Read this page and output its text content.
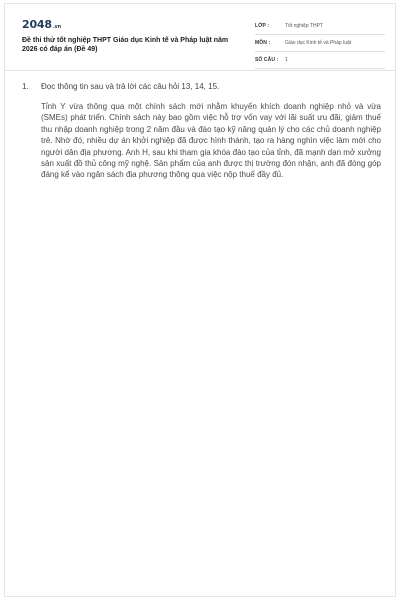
2048.vn
Đề thi thử tốt nghiệp THPT Giáo dục Kinh tế và Pháp luật năm 2026 có đáp án (Đề 49)
LỚP :	Tốt nghiệp THPT
MÔN :	Giáo dục Kinh tế và Pháp luật
SỐ CÂU :	1
1. Đọc thông tin sau và trả lời các câu hỏi 13, 14, 15.
Tỉnh Y vừa thông qua một chính sách mới nhằm khuyến khích doanh nghiệp nhỏ và vừa (SMEs) phát triển. Chính sách này bao gồm việc hỗ trợ vốn vay với lãi suất ưu đãi, giảm thuế thu nhập doanh nghiệp trong 2 năm đầu và đào tạo kỹ năng quản lý cho các chủ doanh nghiệp trẻ. Nhờ đó, nhiều dự án khởi nghiệp đã được hình thành, tạo ra hàng nghìn việc làm mới cho người dân địa phương. Anh H, sau khi tham gia khóa đào tạo của tỉnh, đã mạnh dạn mở xưởng sản xuất đồ thủ công mỹ nghệ. Sản phẩm của anh được thị trường đón nhận, anh đã đóng góp đáng kể vào ngân sách địa phương thông qua việc nộp thuế đầy đủ.
